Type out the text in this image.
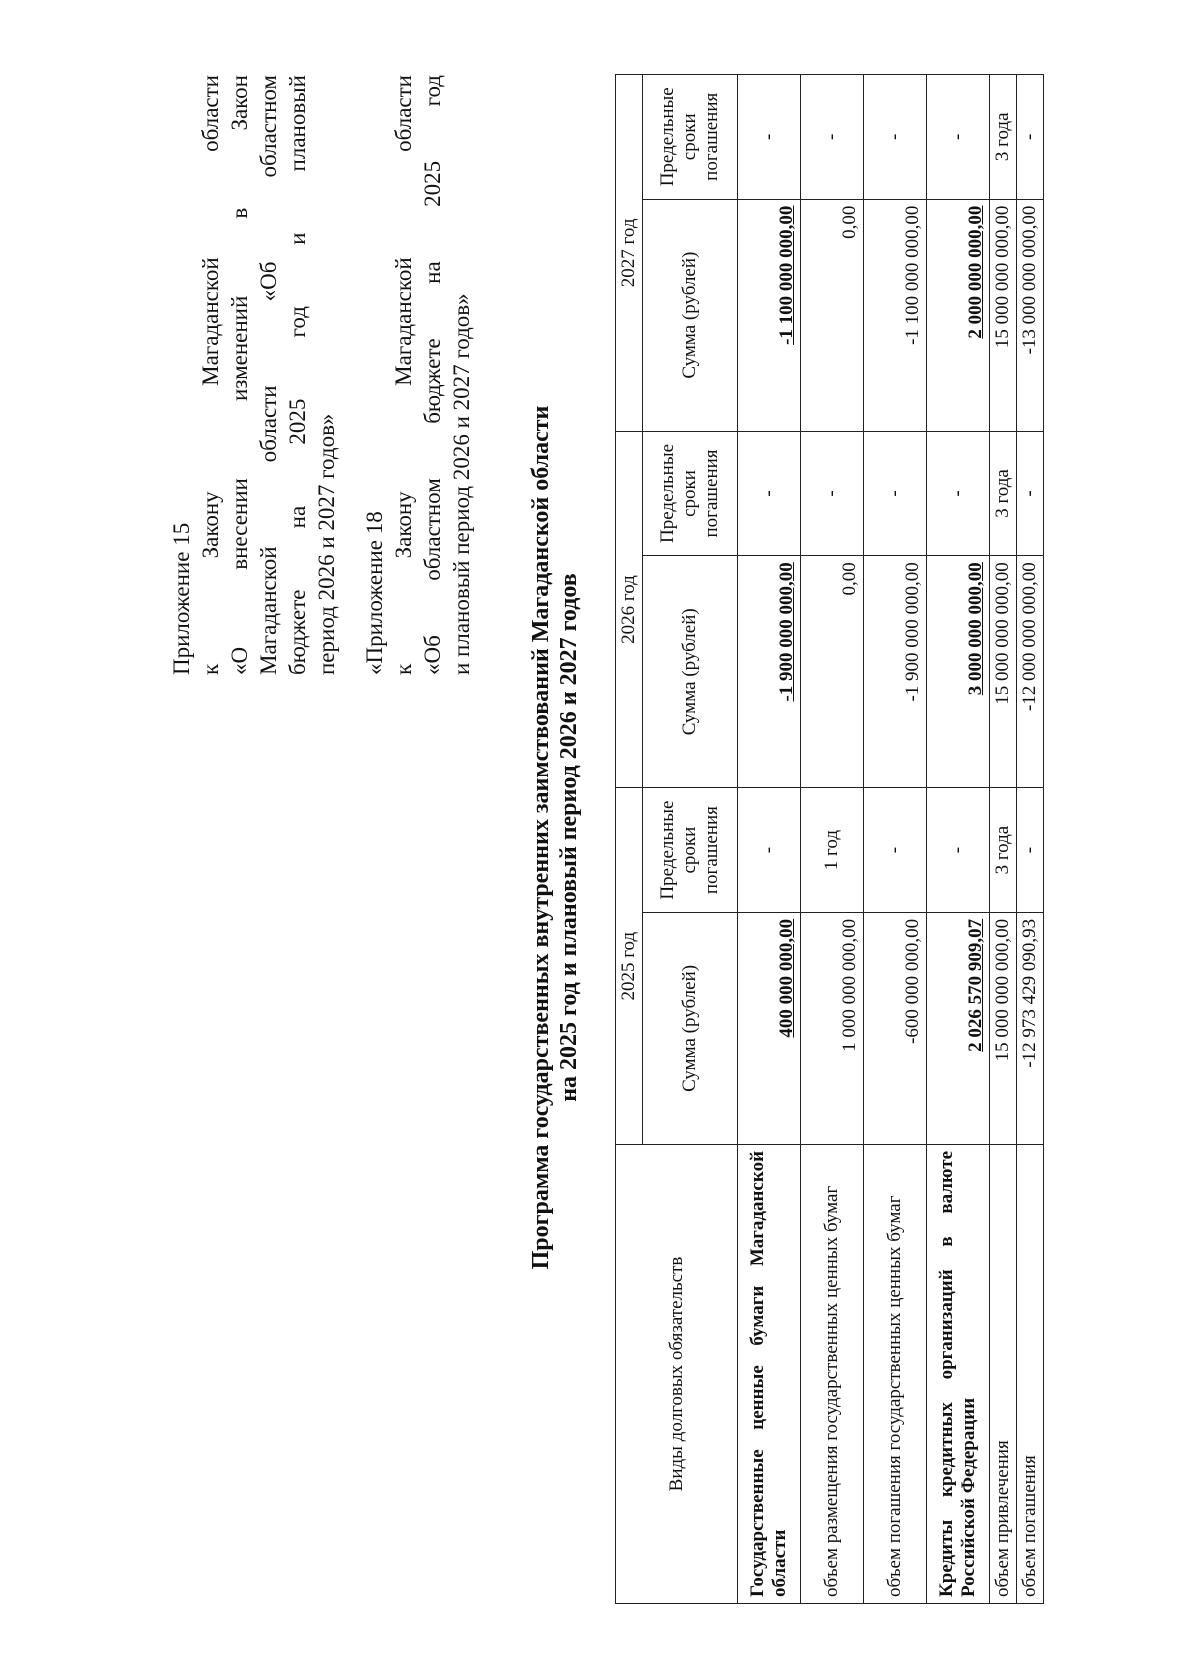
Приложение 15 к Закону Магаданской области «О внесении изменений в Закон Магаданской области «Об областном бюджете на 2025 год и плановый период 2026 и 2027 годов» «Приложение 18 к Закону Магаданской области «Об областном бюджете на 2025 год и плановый период 2026 и 2027 годов» Программа государственных внутренних заимствований Магаданской области на 2025 год и плановый период 2026 и 2027 годов
Виды долговых обязательств	2025 год		2026 год		2027 год	
	Сумма (рублей)	Предельные сроки погашения	Сумма (рублей)	Предельные сроки погашения	Сумма (рублей)	Предельные сроки погашения
Государственные ценные бумаги Магаданской области	400 000 000,00	-	-1 900 000 000,00	-	-1 100 000 000,00	-
объем размещения государственных ценных бумаг	1 000 000 000,00	1 год	0,00	-	0,00	-
объем погашения государственных ценных бумаг	-600 000 000,00	-	-1 900 000 000,00	-	-1 100 000 000,00	-
Кредиты кредитных организаций в валюте Российской Федерации	2 026 570 909,07	-	3 000 000 000,00	-	2 000 000 000,00	-
объем привлечения	15 000 000 000,00	3 года	15 000 000 000,00	3 года	15 000 000 000,00	3 года
объем погашения	-12 973 429 090,93	-	-12 000 000 000,00	-	-13 000 000 000,00	-
